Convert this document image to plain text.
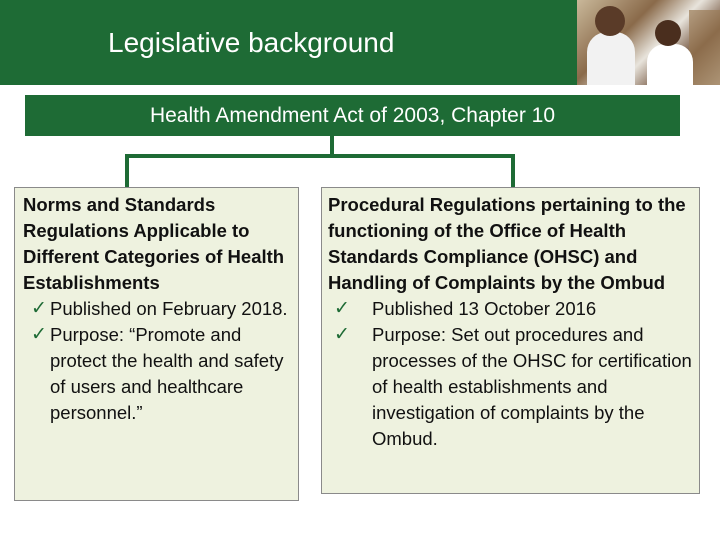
Legislative background
Health Amendment Act of 2003, Chapter 10
Norms and Standards Regulations Applicable to Different Categories of Health Establishments
✓ Published on February 2018.
✓ Purpose: “Promote and protect the health and safety of users and healthcare personnel.”
Procedural Regulations pertaining to the functioning of the Office of Health Standards Compliance (OHSC) and Handling of Complaints by the Ombud
✓ Published 13 October 2016
✓ Purpose: Set out procedures and processes of the OHSC for certification of health establishments and investigation of complaints by the Ombud.
